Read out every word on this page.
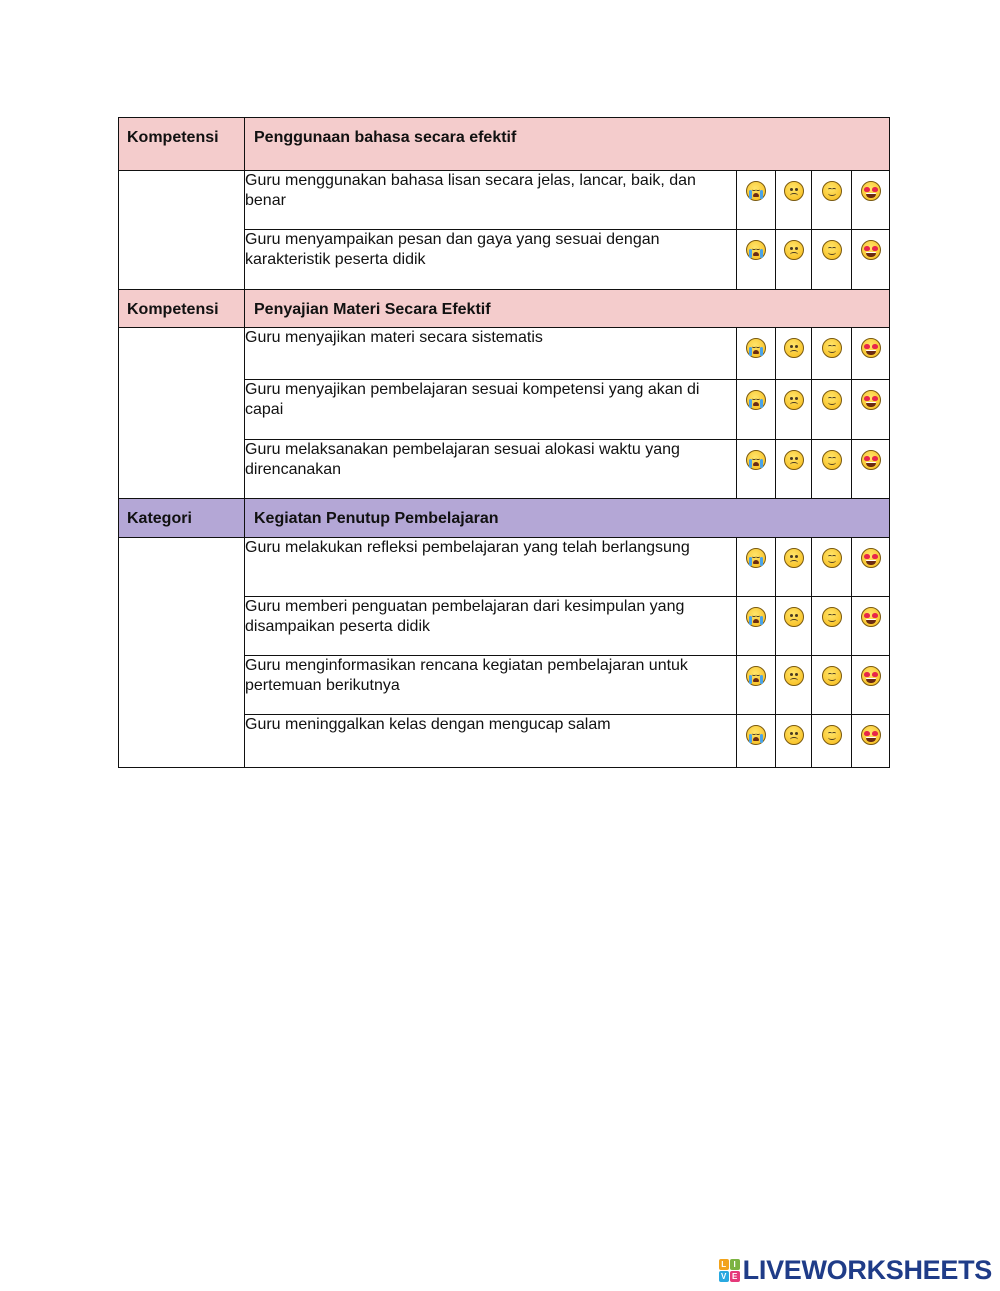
Kompetensi	Penggunaan bahasa secara efektif				
	Guru menggunakan bahasa lisan secara jelas, lancar, baik, dan benar	

	Guru menyampaikan pesan dan gaya yang sesuai dengan karakteristik peserta didik	

Kompetensi	Penyajian Materi Secara Efektif				
	Guru menyajikan materi secara sistematis	

	Guru menyajikan pembelajaran sesuai kompetensi yang akan di capai	

	Guru melaksanakan pembelajaran sesuai alokasi waktu yang direncanakan	

Kategori	Kegiatan Penutup Pembelajaran				
	Guru melakukan refleksi pembelajaran yang telah berlangsung	

	Guru memberi penguatan pembelajaran dari kesimpulan yang disampaikan peserta didik	

	Guru menginformasikan rencana kegiatan pembelajaran untuk pertemuan berikutnya	

	Guru meninggalkan kelas dengan mengucap salam	

L I
V E LIVEWORKSHEETS
